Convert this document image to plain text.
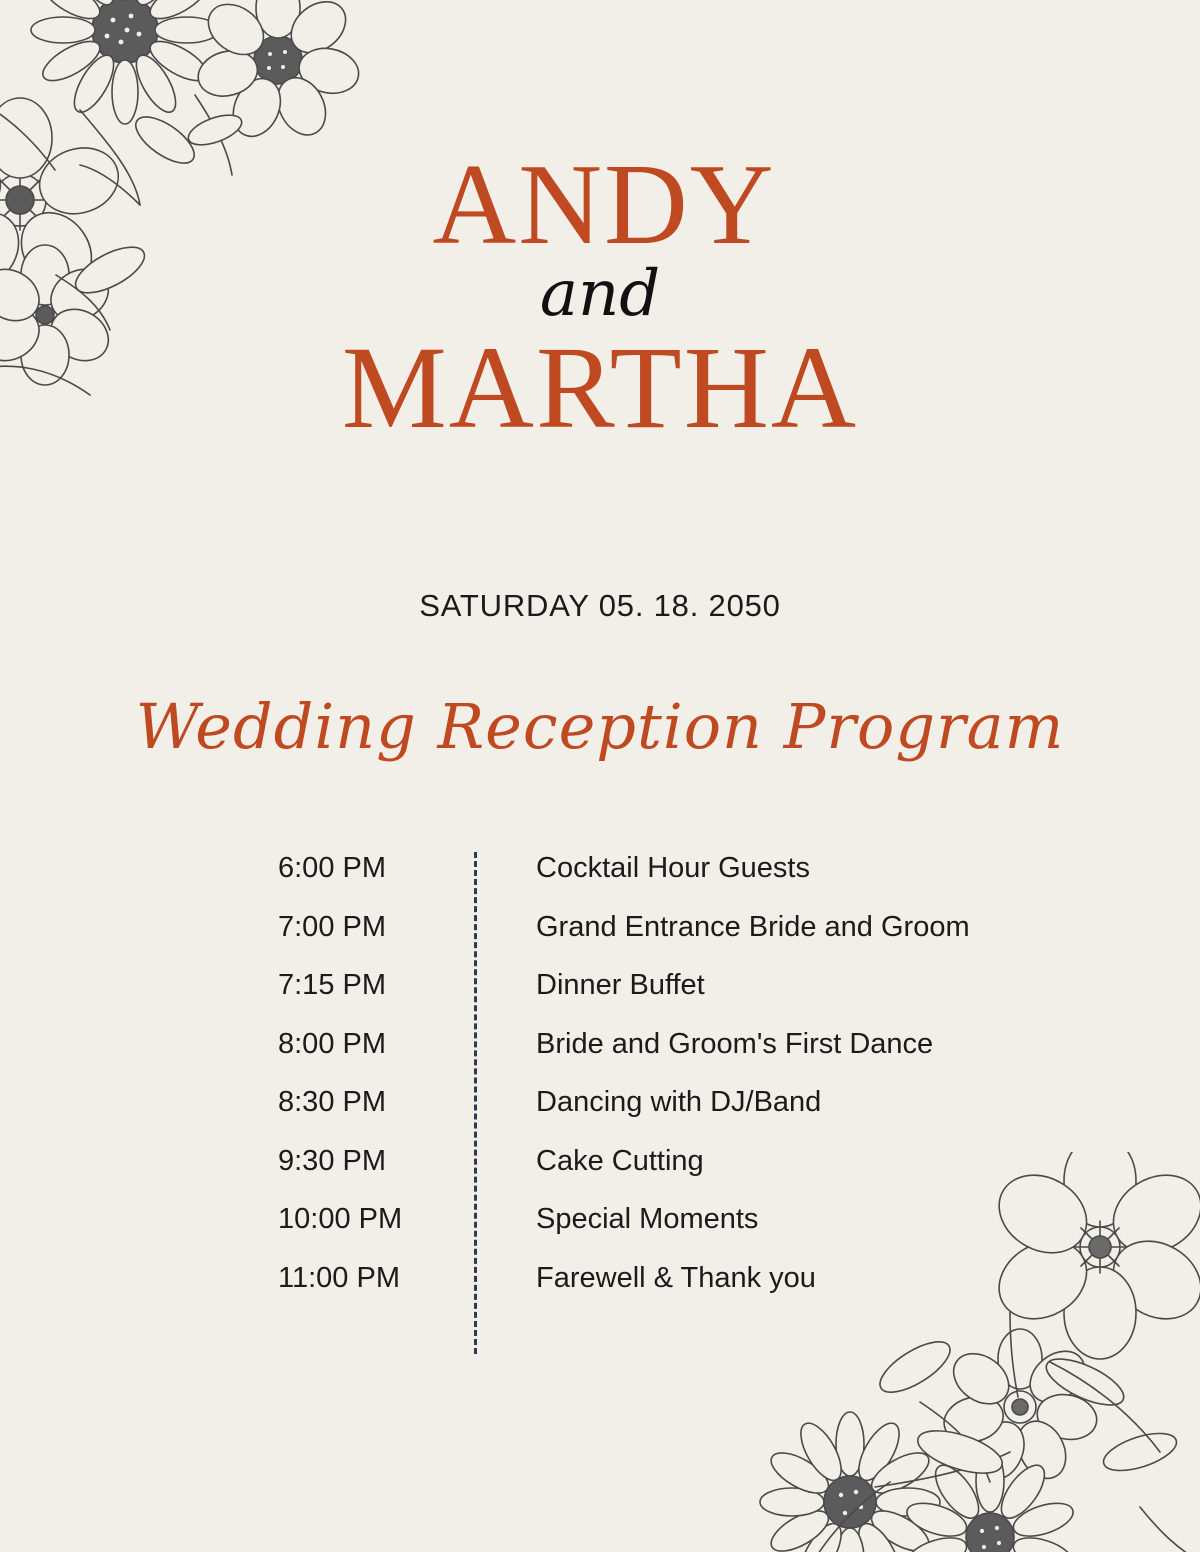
ANDY
and
MARTHA
SATURDAY 05. 18. 2050
Wedding Reception Program
6:00 PM	Cocktail Hour Guests
7:00 PM	Grand Entrance Bride and Groom
7:15 PM	Dinner Buffet
8:00 PM	Bride and Groom's First Dance
8:30 PM	Dancing with DJ/Band
9:30 PM	Cake Cutting
10:00 PM	Special Moments
11:00 PM	Farewell & Thank you
